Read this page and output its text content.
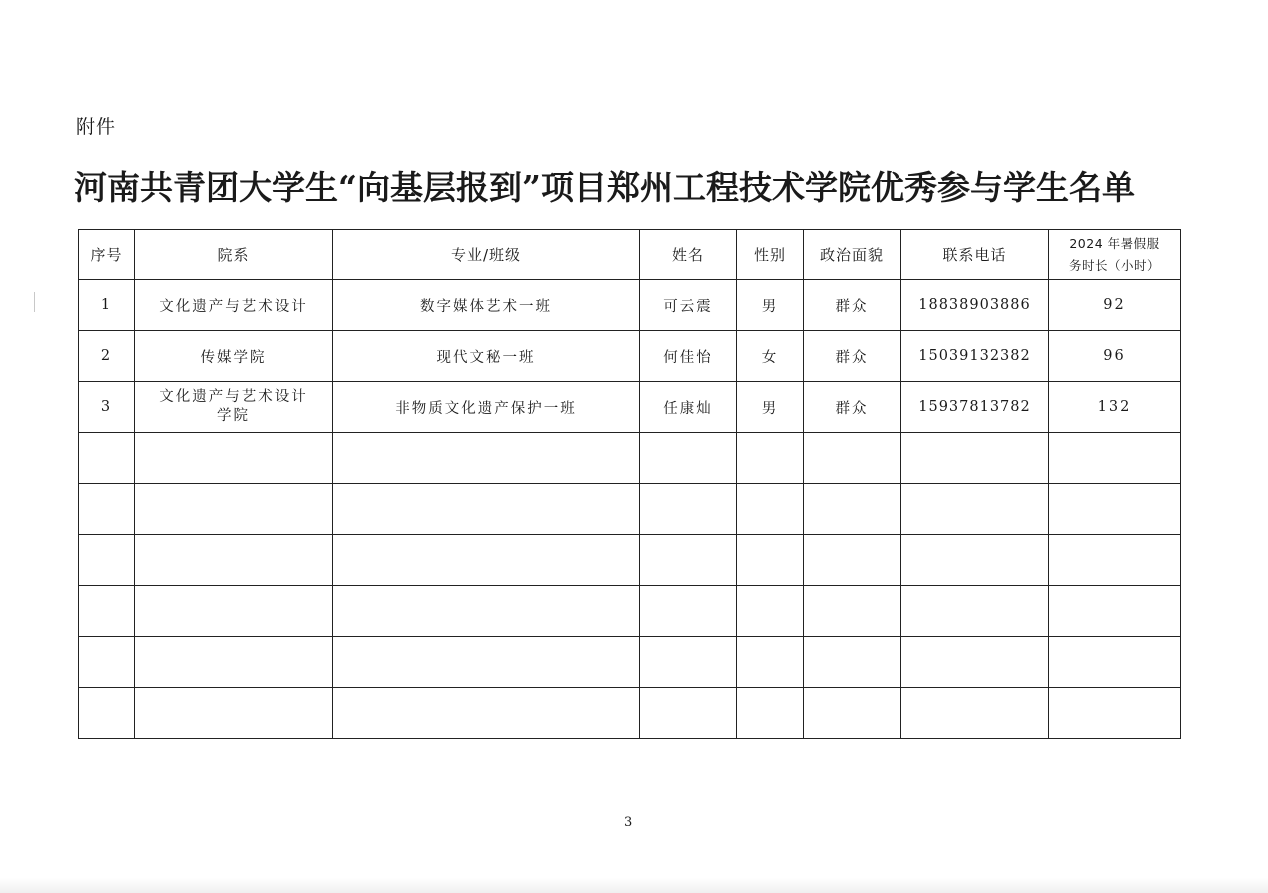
附件
河南共青团大学生“向基层报到”项目郑州工程技术学院优秀参与学生名单
序号	院系	专业/班级	姓名	性别	政治面貌	联系电话	2024 年暑假服
务时长（小时）

1	文化遗产与艺术设计	数字媒体艺术一班	可云震	男	群众	18838903886	92
2	传媒学院	现代文秘一班	何佳怡	女	群众	15039132382	96
3	文化遗产与艺术设计
学院	非物质文化遗产保护一班	任康灿	男	群众	15937813782	132

3
